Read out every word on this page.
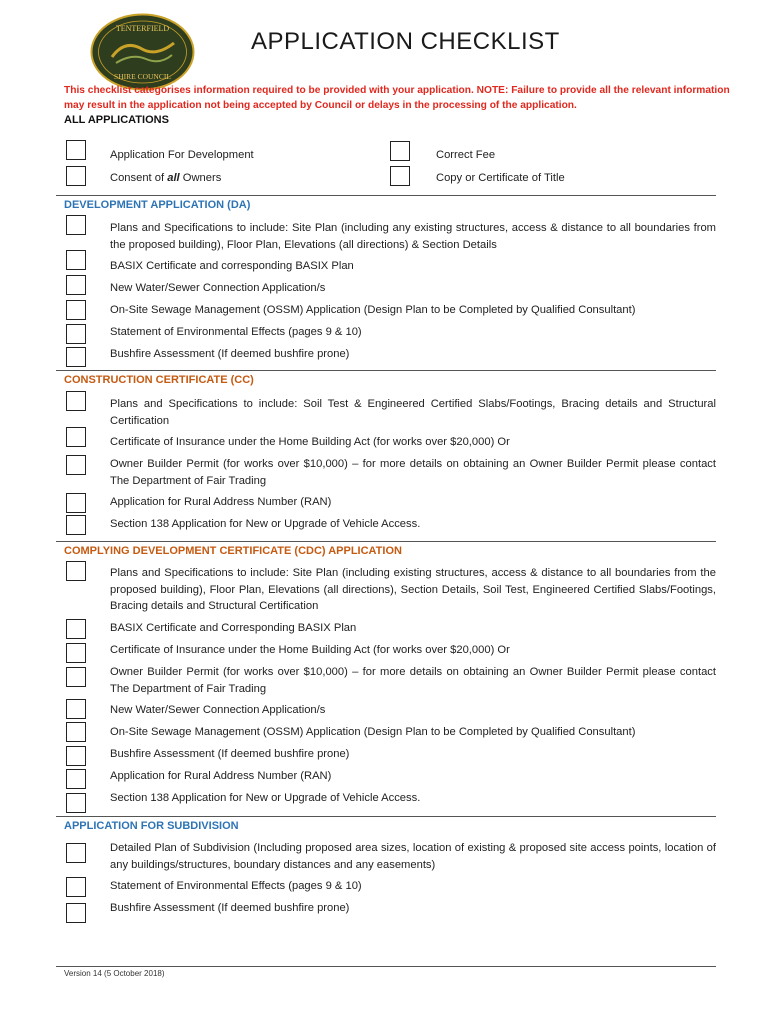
TENTERFIELD
SHIRE COUNCIL
APPLICATION CHECKLIST
This checklist categorises information required to be provided with your application. NOTE: Failure to provide all the relevant information may result in the application not being accepted by Council or delays in the processing of the application.
ALL APPLICATIONS
Application For Development
Consent of all Owners
Correct Fee
Copy or Certificate of Title
DEVELOPMENT APPLICATION (DA)
Plans and Specifications to include: Site Plan (including any existing structures, access & distance to all boundaries from the proposed building), Floor Plan, Elevations (all directions) & Section Details
BASIX Certificate and corresponding BASIX Plan
New Water/Sewer Connection Application/s
On-Site Sewage Management (OSSM) Application (Design Plan to be Completed by Qualified Consultant)
Statement of Environmental Effects (pages 9 & 10)
Bushfire Assessment (If deemed bushfire prone)
CONSTRUCTION CERTIFICATE (CC)
Plans and Specifications to include: Soil Test & Engineered Certified Slabs/Footings, Bracing details and Structural Certification
Certificate of Insurance under the Home Building Act (for works over $20,000) Or
Owner Builder Permit (for works over $10,000) – for more details on obtaining an Owner Builder Permit please contact The Department of Fair Trading
Application for Rural Address Number (RAN)
Section 138 Application for New or Upgrade of Vehicle Access.
COMPLYING DEVELOPMENT CERTIFICATE (CDC) APPLICATION
Plans and Specifications to include: Site Plan (including existing structures, access & distance to all boundaries from the proposed building), Floor Plan, Elevations (all directions), Section Details, Soil Test, Engineered Certified Slabs/Footings, Bracing details and Structural Certification
BASIX Certificate and Corresponding BASIX Plan
Certificate of Insurance under the Home Building Act (for works over $20,000) Or
Owner Builder Permit (for works over $10,000) – for more details on obtaining an Owner Builder Permit please contact The Department of Fair Trading
New Water/Sewer Connection Application/s
On-Site Sewage Management (OSSM) Application (Design Plan to be Completed by Qualified Consultant)
Bushfire Assessment (If deemed bushfire prone)
Application for Rural Address Number (RAN)
Section 138 Application for New or Upgrade of Vehicle Access.
APPLICATION FOR SUBDIVISION
Detailed Plan of Subdivision (Including proposed area sizes, location of existing & proposed site access points, location of any buildings/structures, boundary distances and any easements)
Statement of Environmental Effects (pages 9 & 10)
Bushfire Assessment (If deemed bushfire prone)
Version 14 (5 October 2018)
